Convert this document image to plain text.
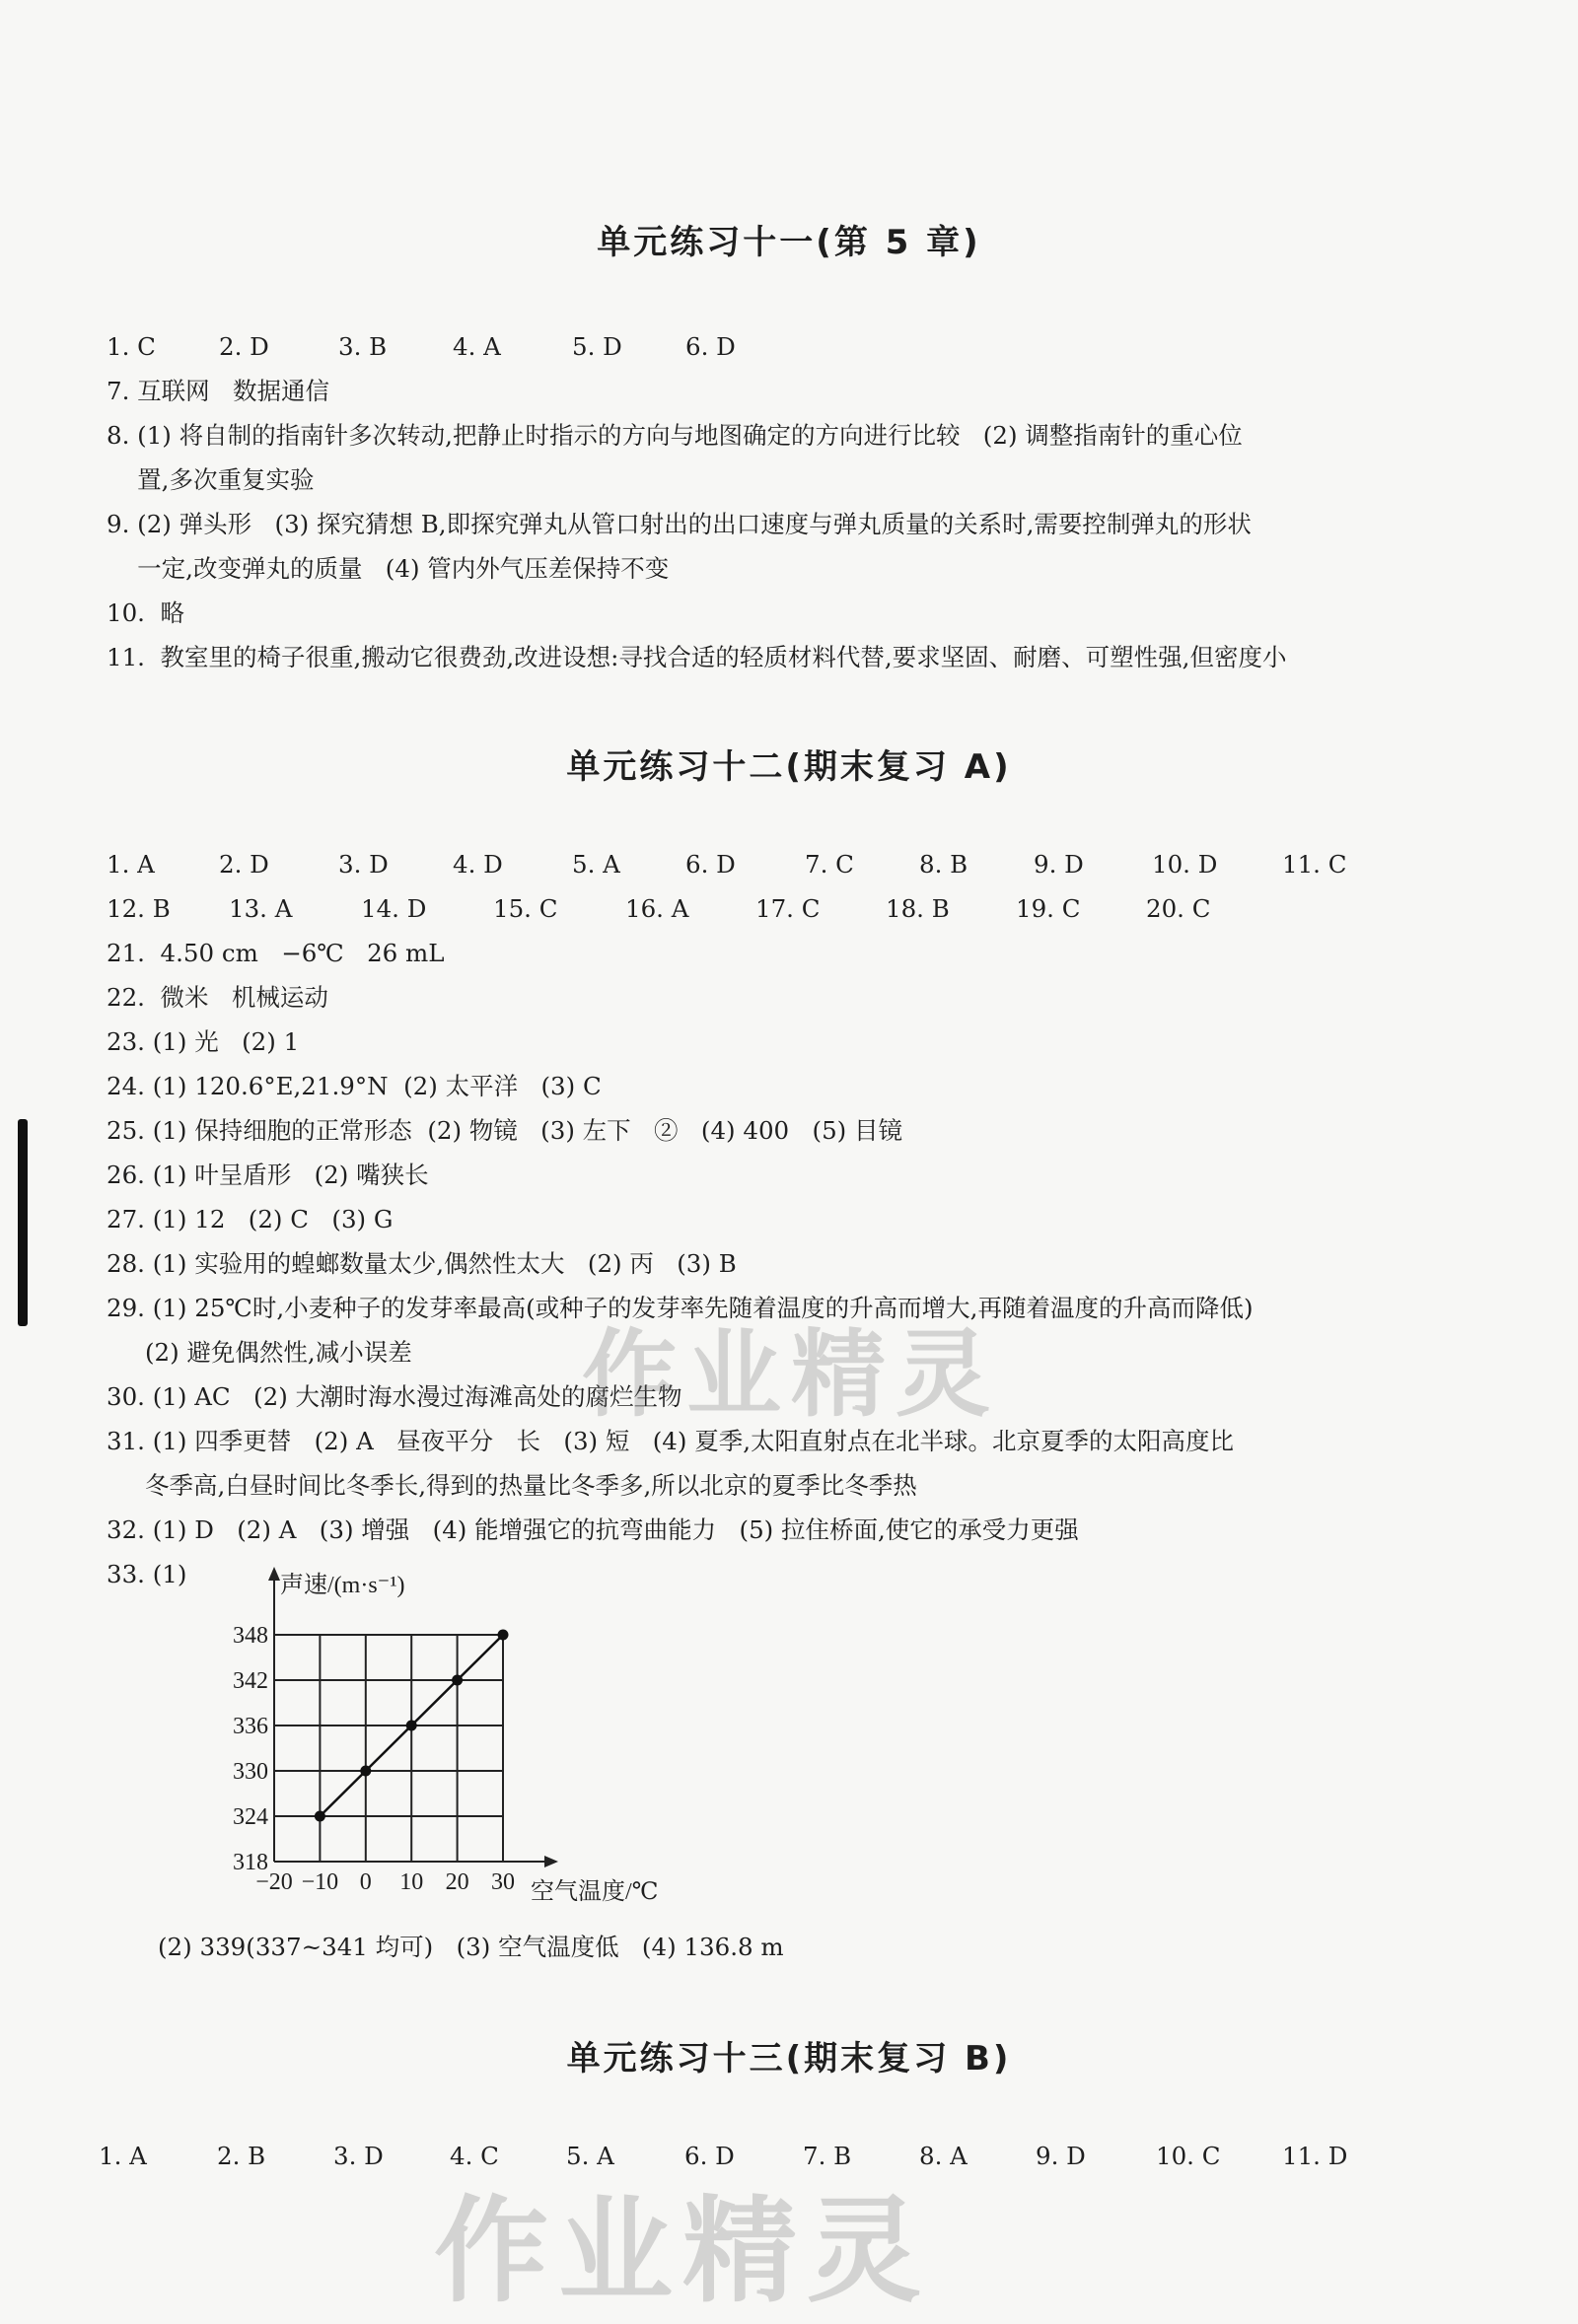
单元练习十一(第 5 章)
1. C	2. D	3. B	4. A	5. D	6. D
7. 互联网   数据通信
8. (1) 将自制的指南针多次转动,把静止时指示的方向与地图确定的方向进行比较   (2) 调整指南针的重心位
置,多次重复实验
9. (2) 弹头形   (3) 探究猜想 B,即探究弹丸从管口射出的出口速度与弹丸质量的关系时,需要控制弹丸的形状
一定,改变弹丸的质量   (4) 管内外气压差保持不变
10.  略
11.  教室里的椅子很重,搬动它很费劲,改进设想:寻找合适的轻质材料代替,要求坚固、耐磨、可塑性强,但密度小
单元练习十二(期末复习 A)
1. A	2. D	3. D	4. D	5. A	6. D	7. C	8. B	9. D	10. D	11. C
12. B 13. A	14. D	15. C	16. A	17. C	18. B	19. C	20. C
21.  4.50 cm   −6℃   26 mL
22.  微米   机械运动
23. (1) 光   (2) 1
24. (1) 120.6°E,21.9°N  (2) 太平洋   (3) C
25. (1) 保持细胞的正常形态  (2) 物镜   (3) 左下   ②   (4) 400   (5) 目镜
26. (1) 叶呈盾形   (2) 嘴狭长
27. (1) 12   (2) C   (3) G
28. (1) 实验用的蝗螂数量太少,偶然性太大   (2) 丙   (3) B
29. (1) 25℃时,小麦种子的发芽率最高(或种子的发芽率先随着温度的升高而增大,再随着温度的升高而降低)
(2) 避免偶然性,减小误差
30. (1) AC   (2) 大潮时海水漫过海滩高处的腐烂生物
31. (1) 四季更替   (2) A   昼夜平分   长   (3) 短   (4) 夏季,太阳直射点在北半球。北京夏季的太阳高度比
冬季高,白昼时间比冬季长,得到的热量比冬季多,所以北京的夏季比冬季热
32. (1) D   (2) A   (3) 增强   (4) 能增强它的抗弯曲能力   (5) 拉住桥面,使它的承受力更强
33. (1)
318
324
330
336
342
348
−20 −10 0 10 20 30
声速/(m·s⁻¹)
空气温度/℃
(2) 339(337~341 均可)   (3) 空气温度低   (4) 136.8 m
单元练习十三(期末复习 B)
1. A	2. B	3. D	4. C	5. A	6. D	7. B	8. A	9. D	10. C	11. D
作业精灵
作业精灵
